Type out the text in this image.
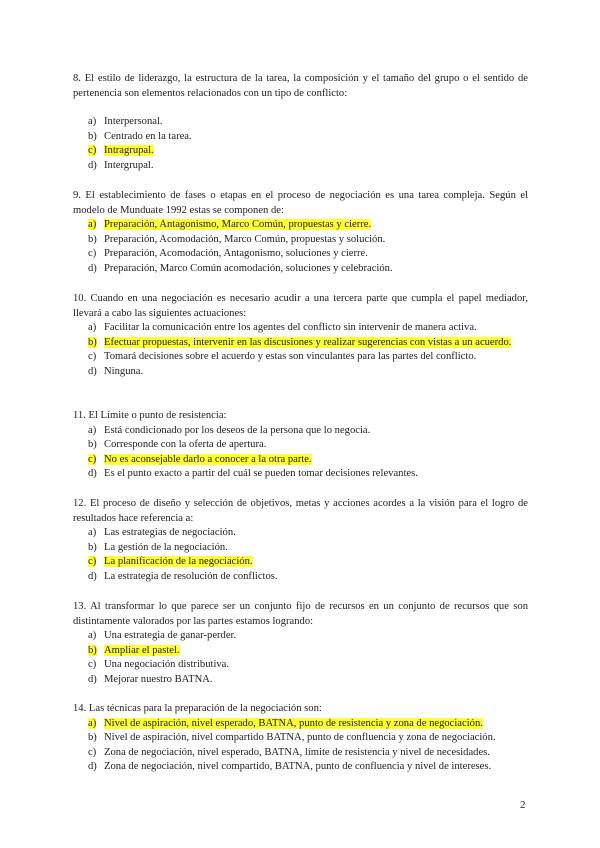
8. El estilo de liderazgo, la estructura de la tarea, la composición y el tamaño del grupo o el sentido de pertenencia son elementos relacionados con un tipo de conflicto:

a) Interpersonal.
b) Centrado en la tarea.
c) Intragrupal.
d) Intergrupal.

9. El establecimiento de fases o etapas en el proceso de negociación es una tarea compleja. Según el modelo de Munduate 1992 estas se componen de:

a) Preparación, Antagonismo, Marco Común, propuestas y cierre.
b) Preparación, Acomodación, Marco Común, propuestas y solución.
c) Preparación, Acomodación, Antagonismo, soluciones y cierre.
d) Preparación, Marco Común acomodación, soluciones y celebración.

10. Cuando en una negociación es necesario acudir a una tercera parte que cumpla el papel mediador, llevará a cabo las siguientes actuaciones:

a) Facilitar la comunicación entre los agentes del conflicto sin intervenir de manera activa.
b) Efectuar propuestas, intervenir en las discusiones y realizar sugerencias con vistas a un acuerdo.
c) Tomará decisiones sobre el acuerdo y estas son vinculantes para las partes del conflicto.
d) Ninguna.

11. El Límite o punto de resistencia:

a) Está condicionado por los deseos de la persona que lo negocia.
b) Corresponde con la oferta de apertura.
c) No es aconsejable darlo a conocer a la otra parte.
d) Es el punto exacto a partir del cuál se pueden tomar decisiones relevantes.

12. El proceso de diseño y selección de objetivos, metas y acciones acordes a la visión para el logro de resultados hace referencia a:

a) Las estrategias de negociación.
b) La gestión de la negociación.
c) La planificación de la negociación.
d) La estrategia de resolución de conflictos.

13. Al transformar lo que parece ser un conjunto fijo de recursos en un conjunto de recursos que son distintamente valorados por las partes estamos logrando:

a) Una estrategia de ganar-perder.
b) Ampliar el pastel.
c) Una negociación distributiva.
d) Mejorar nuestro BATNA.

14. Las técnicas para la preparación de la negociación son:

a) Nivel de aspiración, nivel esperado, BATNA, punto de resistencia y zona de negociación.
b) Nivel de aspiración, nivel compartido BATNA, punto de confluencia y zona de negociación.
c) Zona de negociación, nivel esperado, BATNA, límite de resistencia y nivel de necesidades.
d) Zona de negociación, nivel compartido, BATNA, punto de confluencia y nivel de intereses.
2
